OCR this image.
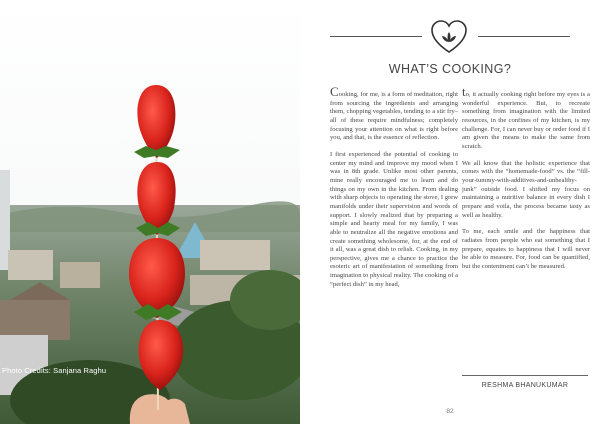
Photo Credits: Sanjana Raghu
WHAT’S COOKING?

Cooking, for me, is a form of meditation, right from sourcing the ingredients and arranging them, chopping vegetables, tending to a stir fry– all of these require mindfulness; completely focusing your attention on what is right before you, and that, is the essence of reflection.

I first experienced the potential of cooking to center my mind and improve my mood when I was in 8th grade. Unlike most other parents, mine really encouraged me to learn and do things on my own in the kitchen. From dealing with sharp objects to operating the stove, I grew manifolds under their supervision and words of support. I slowly realized that by preparing a simple and hearty meal for my family, I was able to neutralize all the negative emotions and create something wholesome, for, at the end of it all, was a great dish to relish. Cooking, in my perspective, gives me a chance to practice the esoteric art of manifestation of something from imagination to physical reality. The cooking of a “perfect dish” in my head,

to, it actually cooking right before my eyes is a wonderful experience. But, to recreate something from imagination with the limited resources, in the confines of my kitchen, is my challenge. For, I can never buy or order food if I am given the means to make the same from scratch.

We all know that the holistic experience that comes with the “homemade-food” vs. the “fill-your-tummy-with-additives-and-unhealthy-junk” outside food. I shifted my focus on maintaining a nutritive balance in every dish I prepare and voila, the process became tasty as well as healthy.

To me, each smile and the happiness that radiates from people who eat something that I prepare, equates to happiness that I will never be able to measure. For, food can be quantified, but the contentment can’t be measured.

RESHMA BHANUKUMAR
82
